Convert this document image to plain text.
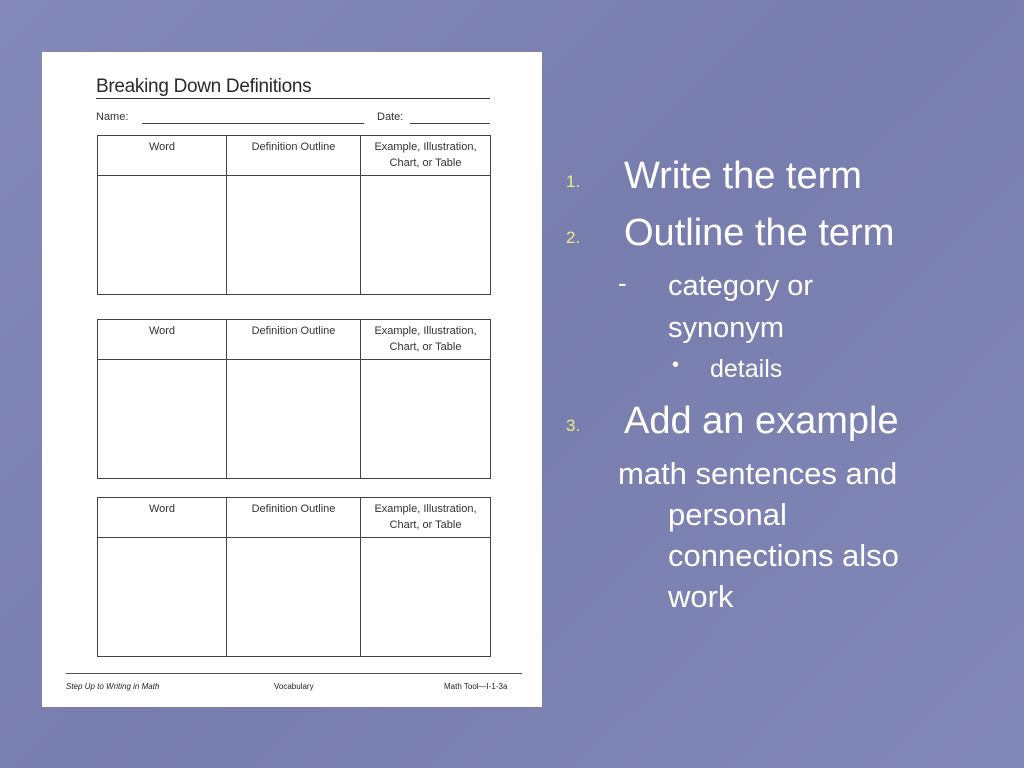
Breaking Down Definitions
Name:	Date:
Word	Definition Outline	Example, Illustration, Chart, or Table

Word	Definition Outline	Example, Illustration, Chart, or Table

Word	Definition Outline	Example, Illustration, Chart, or Table

Step Up to Writing in Math	Vocabulary	Math Tool—I-1-3a
1. Write the term
2. Outline the term
- category or
synonym
• details
3. Add an example
math sentences and
personal
connections also
work
